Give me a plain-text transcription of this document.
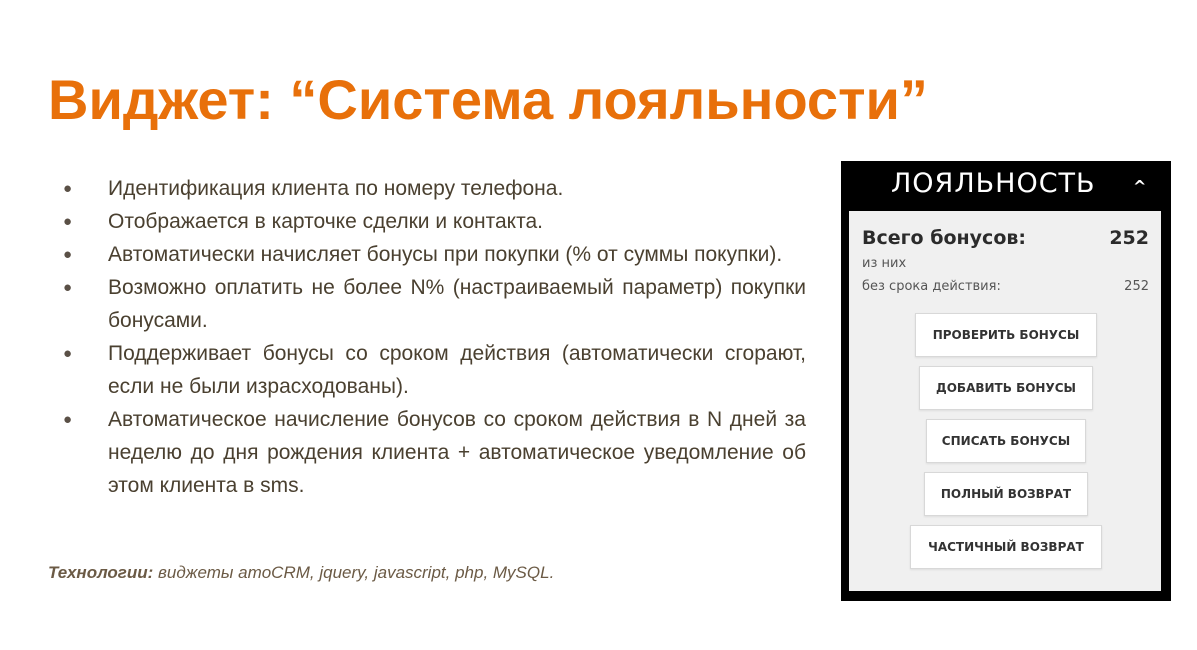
Виджет: “Система лояльности”
● Идентификация клиента по номеру телефона.
● Отображается в карточке сделки и контакта.
● Автоматически начисляет бонусы при покупки (% от суммы покупки).
● Возможно оплатить не более N% (настраиваемый параметр) покупки бонусами.
● Поддерживает бонусы со сроком действия (автоматически сгорают, если не были израсходованы).
● Автоматическое начисление бонусов со сроком действия в N дней за неделю до дня рождения клиента + автоматическое уведомление об этом клиента в sms.
Технологии: виджеты amoCRM, jquery, javascript, php, MySQL.
ЛОЯЛЬНОСТЬ ^
Всего бонусов:	252
из них
без срока действия:	252
ПРОВЕРИТЬ БОНУСЫ
ДОБАВИТЬ БОНУСЫ
СПИСАТЬ БОНУСЫ
ПОЛНЫЙ ВОЗВРАТ
ЧАСТИЧНЫЙ ВОЗВРАТ
